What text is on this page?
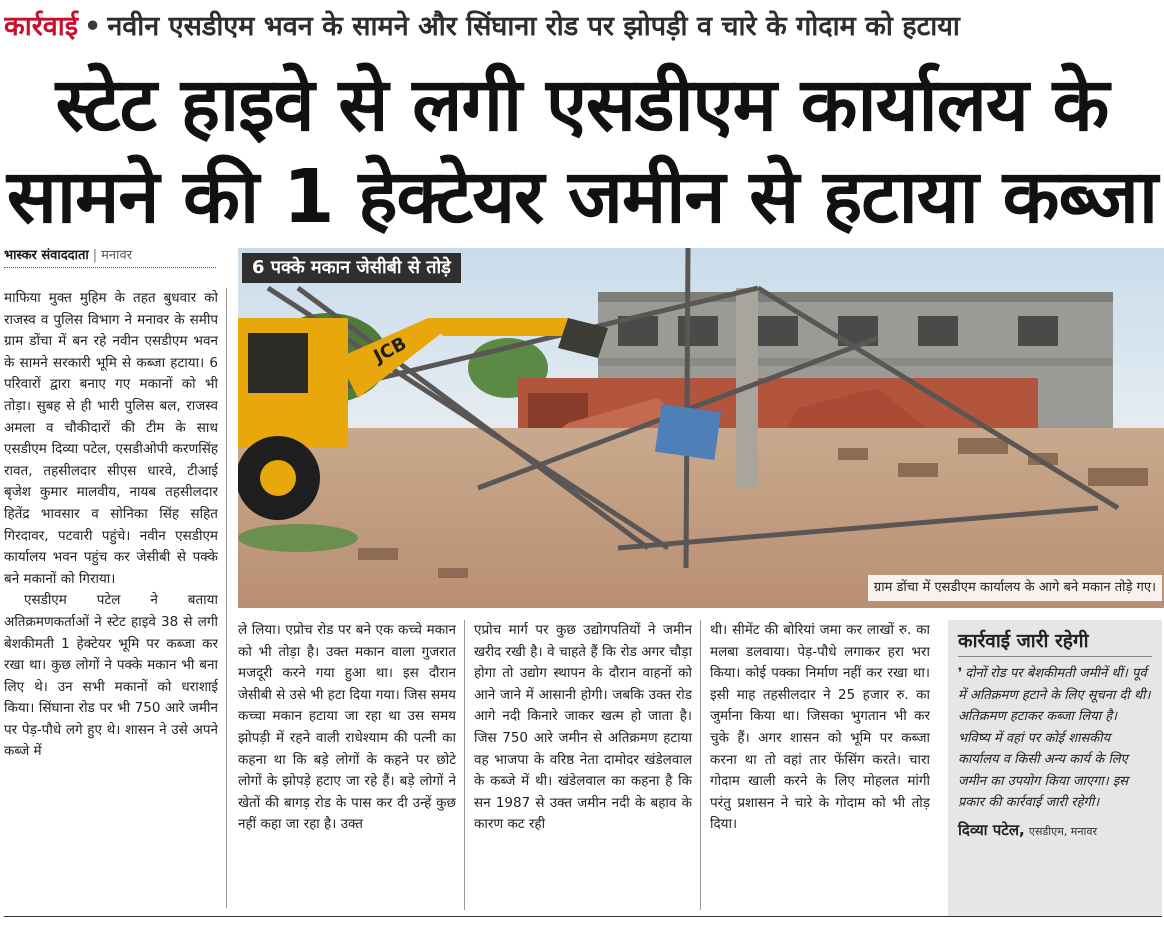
कार्रवाई • नवीन एसडीएम भवन के सामने और सिंघाना रोड पर झोपड़ी व चारे के गोदाम को हटाया
स्टेट हाइवे से लगी एसडीएम कार्यालय के
सामने की 1 हेक्टेयर जमीन से हटाया कब्जा
भास्कर संवाददाता | मनावर
JCB
6 पक्के मकान जेसीबी से तोड़े
ग्राम डोंचा में एसडीएम कार्यालय के आगे बने मकान तोड़े गए।

माफिया मुक्त मुहिम के तहत बुधवार को राजस्व व पुलिस विभाग ने मनावर के समीप ग्राम डोंचा में बन रहे नवीन एसडीएम भवन के सामने सरकारी भूमि से कब्जा हटाया। 6 परिवारों द्वारा बनाए गए मकानों को भी तोड़ा। सुबह से ही भारी पुलिस बल, राजस्व अमला व चौकीदारों की टीम के साथ एसडीएम दिव्या पटेल, एसडीओपी करणसिंह रावत, तहसीलदार सीएस धारवे, टीआई बृजेश कुमार मालवीय, नायब तहसीलदार हितेंद्र भावसार व सोनिका सिंह सहित गिरदावर, पटवारी पहुंचे। नवीन एसडीएम कार्यालय भवन पहुंच कर जेसीबी से पक्के बने मकानों को गिराया।

एसडीएम पटेल ने बताया अतिक्रमणकर्ताओं ने स्टेट हाइवे 38 से लगी बेशकीमती 1 हेक्टेयर भूमि पर कब्जा कर रखा था। कुछ लोगों ने पक्के मकान भी बना लिए थे। उन सभी मकानों को धराशाई किया। सिंघाना रोड पर भी 750 आरे जमीन पर पेड़-पौधे लगे हुए थे। शासन ने उसे अपने कब्जे में

ले लिया। एप्रोच रोड पर बने एक कच्चे मकान को भी तोड़ा है। उक्त मकान वाला गुजरात मजदूरी करने गया हुआ था। इस दौरान जेसीबी से उसे भी हटा दिया गया। जिस समय कच्चा मकान हटाया जा रहा था उस समय झोपड़ी में रहने वाली राधेश्याम की पत्नी का कहना था कि बड़े लोगों के कहने पर छोटे लोगों के झोपड़े हटाए जा रहे हैं। बड़े लोगों ने खेतों की बागड़ रोड के पास कर दी उन्हें कुछ नहीं कहा जा रहा है। उक्त

एप्रोच मार्ग पर कुछ उद्योगपतियों ने जमीन खरीद रखी है। वे चाहते हैं कि रोड अगर चौड़ा होगा तो उद्योग स्थापन के दौरान वाहनों को आने जाने में आसानी होगी। जबकि उक्त रोड आगे नदी किनारे जाकर खत्म हो जाता है। जिस 750 आरे जमीन से अतिक्रमण हटाया वह भाजपा के वरिष्ठ नेता दामोदर खंडेलवाल के कब्जे में थी। खंडेलवाल का कहना है कि सन 1987 से उक्त जमीन नदी के बहाव के कारण कट रही

थी। सीमेंट की बोरियां जमा कर लाखों रु. का मलबा डलवाया। पेड़-पौधे लगाकर हरा भरा किया। कोई पक्का निर्माण नहीं कर रखा था। इसी माह तहसीलदार ने 25 हजार रु. का जुर्माना किया था। जिसका भुगतान भी कर चुके हैं। अगर शासन को भूमि पर कब्जा करना था तो वहां तार फेंसिंग करते। चारा गोदाम खाली करने के लिए मोहलत मांगी परंतु प्रशासन ने चारे के गोदाम को भी तोड़ दिया।

कार्रवाई जारी रहेगी
❜ दोनों रोड पर बेशकीमती जमीनें थीं। पूर्व में अतिक्रमण हटाने के लिए सूचना दी थी। अतिक्रमण हटाकर कब्जा लिया है। भविष्य में वहां पर कोई शासकीय कार्यालय व किसी अन्य कार्य के लिए जमीन का उपयोग किया जाएगा। इस प्रकार की कार्रवाई जारी रहेगी।
दिव्या पटेल, एसडीएम, मनावर
